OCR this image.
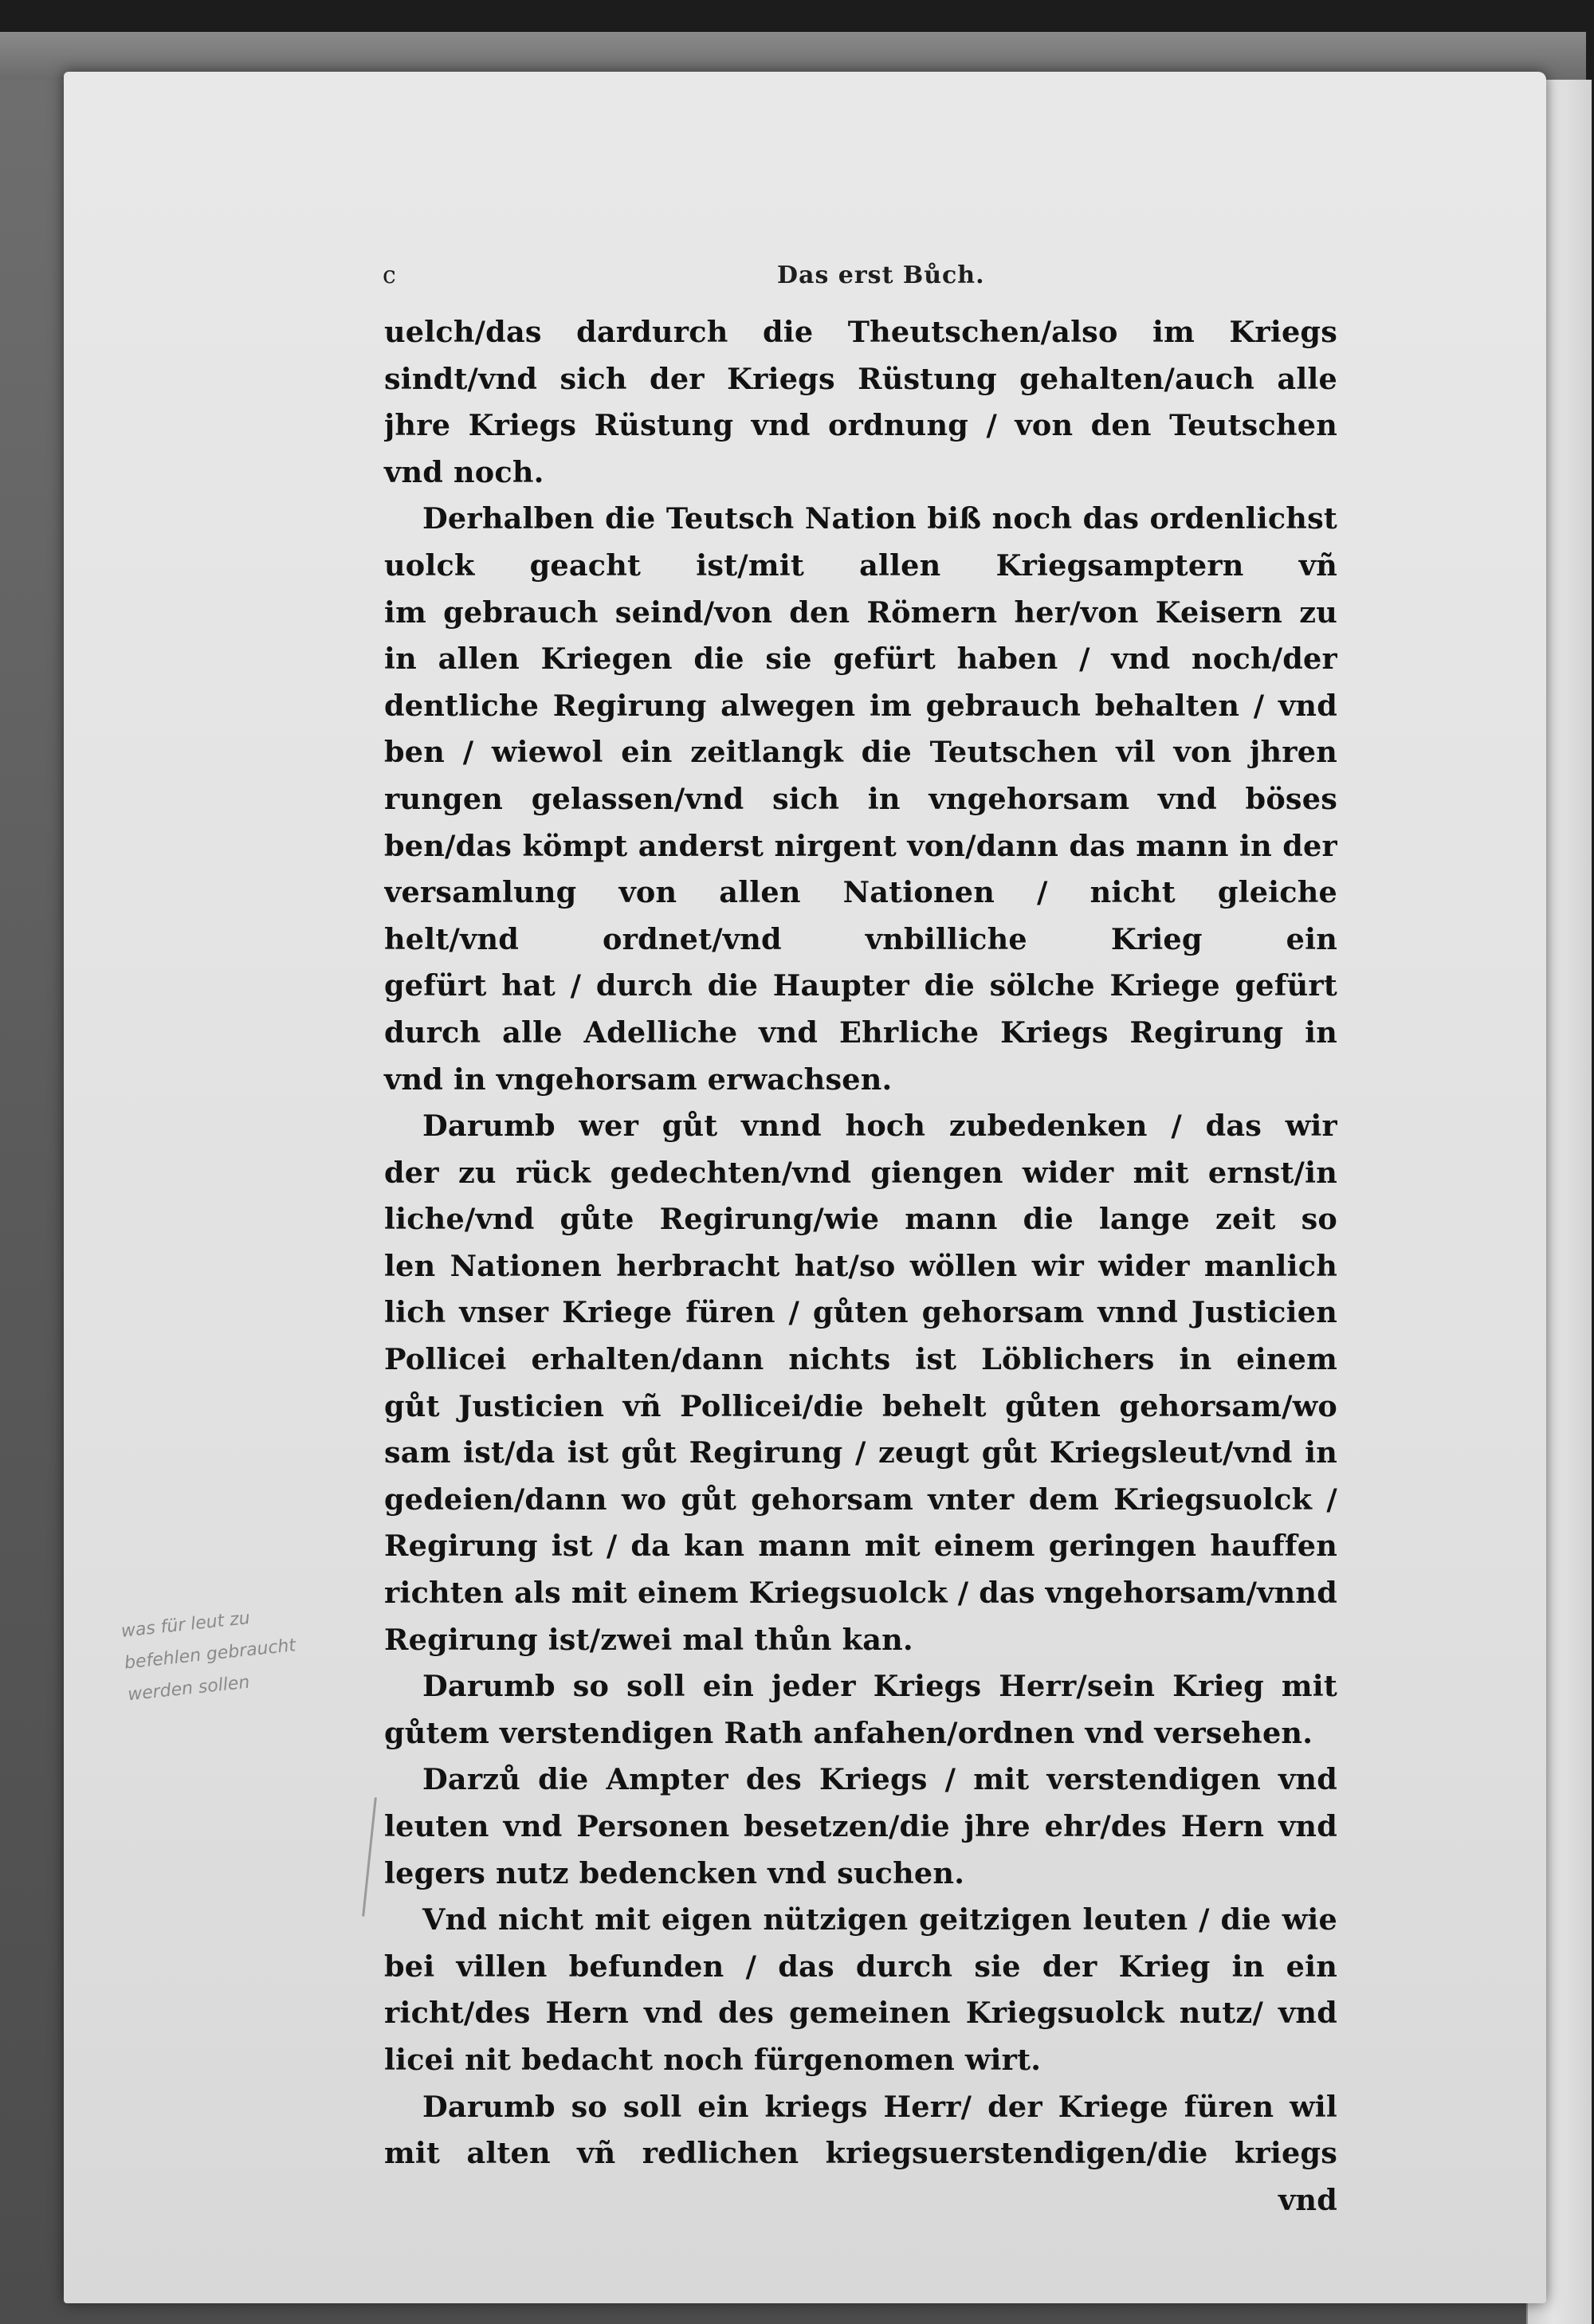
c	Das erst Bůch.
uelch/das dardurch die Theutschen/also im Kriegs
sindt/vnd sich der Kriegs Rüstung gehalten/auch alle
jhre Kriegs Rüstung vnd ordnung / von den Teutschen
vnd noch.
Derhalben die Teutsch Nation biß noch das ordenlichst
uolck geacht ist/mit allen Kriegsamptern vñ
im gebrauch seind/von den Römern her/von Keisern zu
in allen Kriegen die sie gefürt haben / vnd noch/der
dentliche Regirung alwegen im gebrauch behalten / vnd
ben / wiewol ein zeitlangk die Teutschen vil von jhren
rungen gelassen/vnd sich in vngehorsam vnd böses
ben/das kömpt anderst nirgent von/dann das mann in der
versamlung von allen Nationen / nicht gleiche
helt/vnd ordnet/vnd vnbilliche Krieg ein
gefürt hat / durch die Haupter die sölche Kriege gefürt
durch alle Adelliche vnd Ehrliche Kriegs Regirung in
vnd in vngehorsam erwachsen.
Darumb wer gůt vnnd hoch zubedenken / das wir
der zu rück gedechten/vnd giengen wider mit ernst/in
liche/vnd gůte Regirung/wie mann die lange zeit so
len Nationen herbracht hat/so wöllen wir wider manlich
lich vnser Kriege füren / gůten gehorsam vnnd Justicien
Pollicei erhalten/dann nichts ist Löblichers in einem
gůt Justicien vñ Pollicei/die behelt gůten gehorsam/wo
sam ist/da ist gůt Regirung / zeugt gůt Kriegsleut/vnd in
gedeien/dann wo gůt gehorsam vnter dem Kriegsuolck /
Regirung ist / da kan mann mit einem geringen hauffen
richten als mit einem Kriegsuolck / das vngehorsam/vnnd
Regirung ist/zwei mal thůn kan.
Darumb so soll ein jeder Kriegs Herr/sein Krieg mit
gůtem verstendigen Rath anfahen/ordnen vnd versehen.
Darzů die Ampter des Kriegs / mit verstendigen vnd
leuten vnd Personen besetzen/die jhre ehr/des Hern vnd
legers nutz bedencken vnd suchen.
Vnd nicht mit eigen nützigen geitzigen leuten / die wie
bei villen befunden / das durch sie der Krieg in ein
richt/des Hern vnd des gemeinen Kriegsuolck nutz/ vnd
licei nit bedacht noch fürgenomen wirt.
Darumb so soll ein kriegs Herr/ der Kriege füren wil
mit alten vñ redlichen kriegsuerstendigen/die kriegs
vnd
was für leut zu
befehlen gebraucht
werden sollen
